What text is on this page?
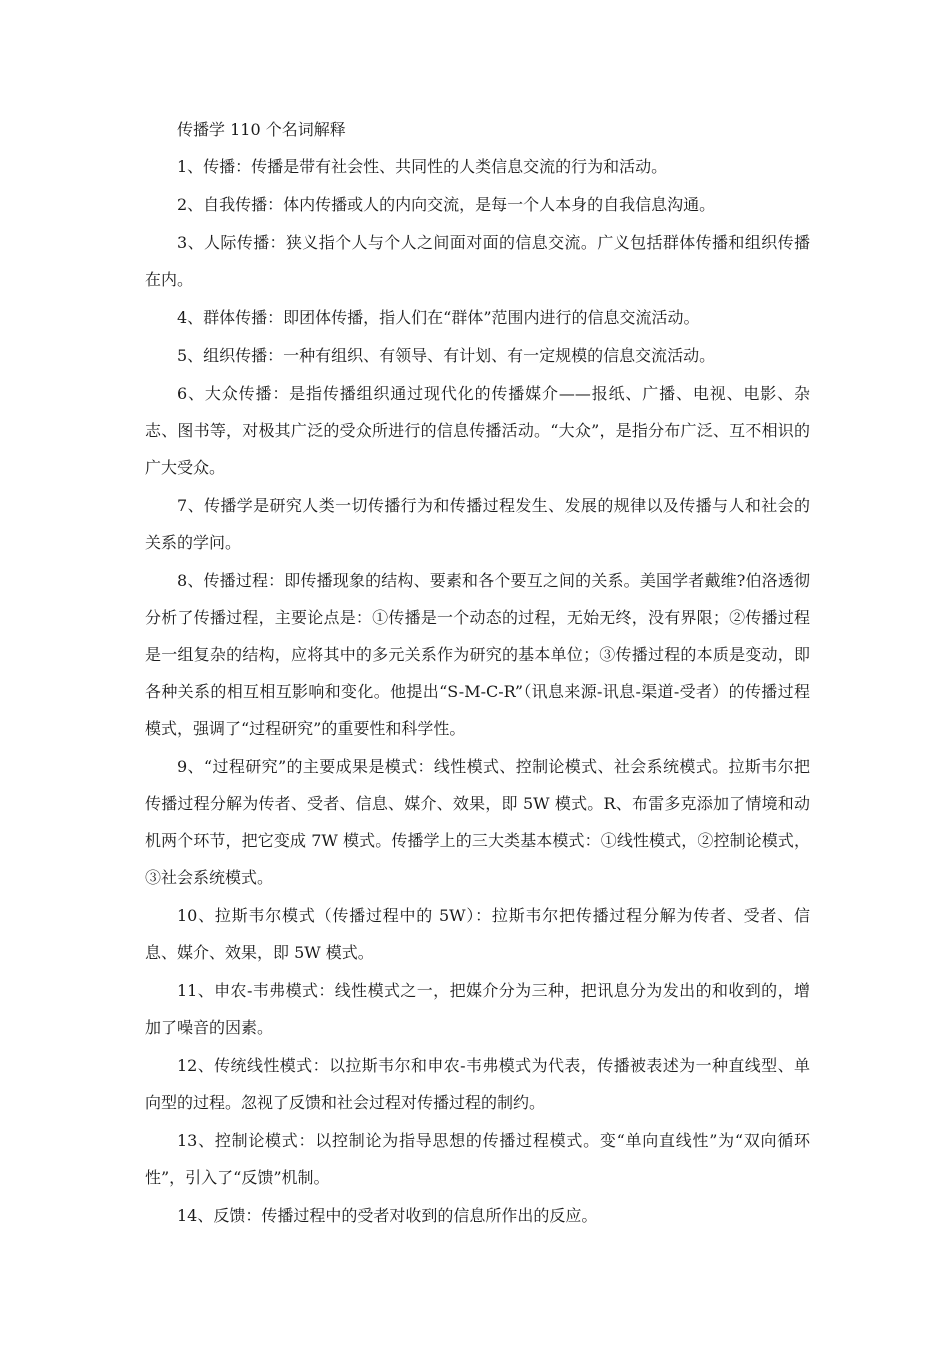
传播学 110 个名词解释

1、传播：传播是带有社会性、共同性的人类信息交流的行为和活动。

2、自我传播：体内传播或人的内向交流，是每一个人本身的自我信息沟通。

3、人际传播：狭义指个人与个人之间面对面的信息交流。广义包括群体传播和组织传播在内。

4、群体传播：即团体传播，指人们在“群体”范围内进行的信息交流活动。

5、组织传播：一种有组织、有领导、有计划、有一定规模的信息交流活动。

6、大众传播：是指传播组织通过现代化的传播媒介——报纸、广播、电视、电影、杂志、图书等，对极其广泛的受众所进行的信息传播活动。“大众”，是指分布广泛、互不相识的广大受众。

7、传播学是研究人类一切传播行为和传播过程发生、发展的规律以及传播与人和社会的关系的学问。

8、传播过程：即传播现象的结构、要素和各个要互之间的关系。美国学者戴维?伯洛透彻分析了传播过程，主要论点是：①传播是一个动态的过程，无始无终，没有界限；②传播过程是一组复杂的结构，应将其中的多元关系作为研究的基本单位；③传播过程的本质是变动，即各种关系的相互相互影响和变化。他提出“S-M-C-R”（讯息来源-讯息-渠道-受者）的传播过程模式，强调了“过程研究”的重要性和科学性。

9、“过程研究”的主要成果是模式：线性模式、控制论模式、社会系统模式。拉斯韦尔把传播过程分解为传者、受者、信息、媒介、效果，即 5W 模式。R、布雷多克添加了情境和动机两个环节，把它变成 7W 模式。传播学上的三大类基本模式：①线性模式，②控制论模式，③社会系统模式。

10、拉斯韦尔模式（传播过程中的 5W）：拉斯韦尔把传播过程分解为传者、受者、信息、媒介、效果，即 5W 模式。

11、申农-韦弗模式：线性模式之一，把媒介分为三种，把讯息分为发出的和收到的，增加了噪音的因素。

12、传统线性模式：以拉斯韦尔和申农-韦弗模式为代表，传播被表述为一种直线型、单向型的过程。忽视了反馈和社会过程对传播过程的制约。

13、控制论模式：以控制论为指导思想的传播过程模式。变“单向直线性”为“双向循环性”，引入了“反馈”机制。

14、反馈：传播过程中的受者对收到的信息所作出的反应。
